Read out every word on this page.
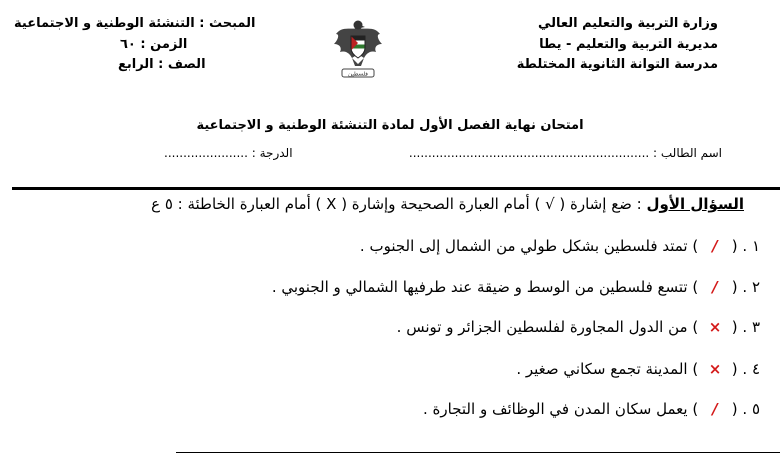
وزارة التربية والتعليم العالي
مديرية التربية والتعليم - يطا
مدرسة التوانة الثانوية المختلطة
المبحث : التنشئة الوطنية و الاجتماعية
الزمن : ٦٠
الصف : الرابع
فلسطين
امتحان نهاية الفصل الأول لمادة التنشئة الوطنية و الاجتماعية
اسم الطالب : ...............................................................
الدرجة : ......................
السؤال الأول : ضع إشارة ( √ ) أمام العبارة الصحيحة وإشارة ( X ) أمام العبارة الخاطئة : ٥ ع
١ . ( / ) تمتد فلسطين بشكل طولي من الشمال إلى الجنوب .
٢ . ( / ) تتسع فلسطين من الوسط و ضيقة عند طرفيها الشمالي و الجنوبي .
٣ . ( × ) من الدول المجاورة لفلسطين الجزائر و تونس .
٤ . ( × ) المدينة تجمع سكاني صغير .
٥ . ( / ) يعمل سكان المدن في الوظائف و التجارة .
